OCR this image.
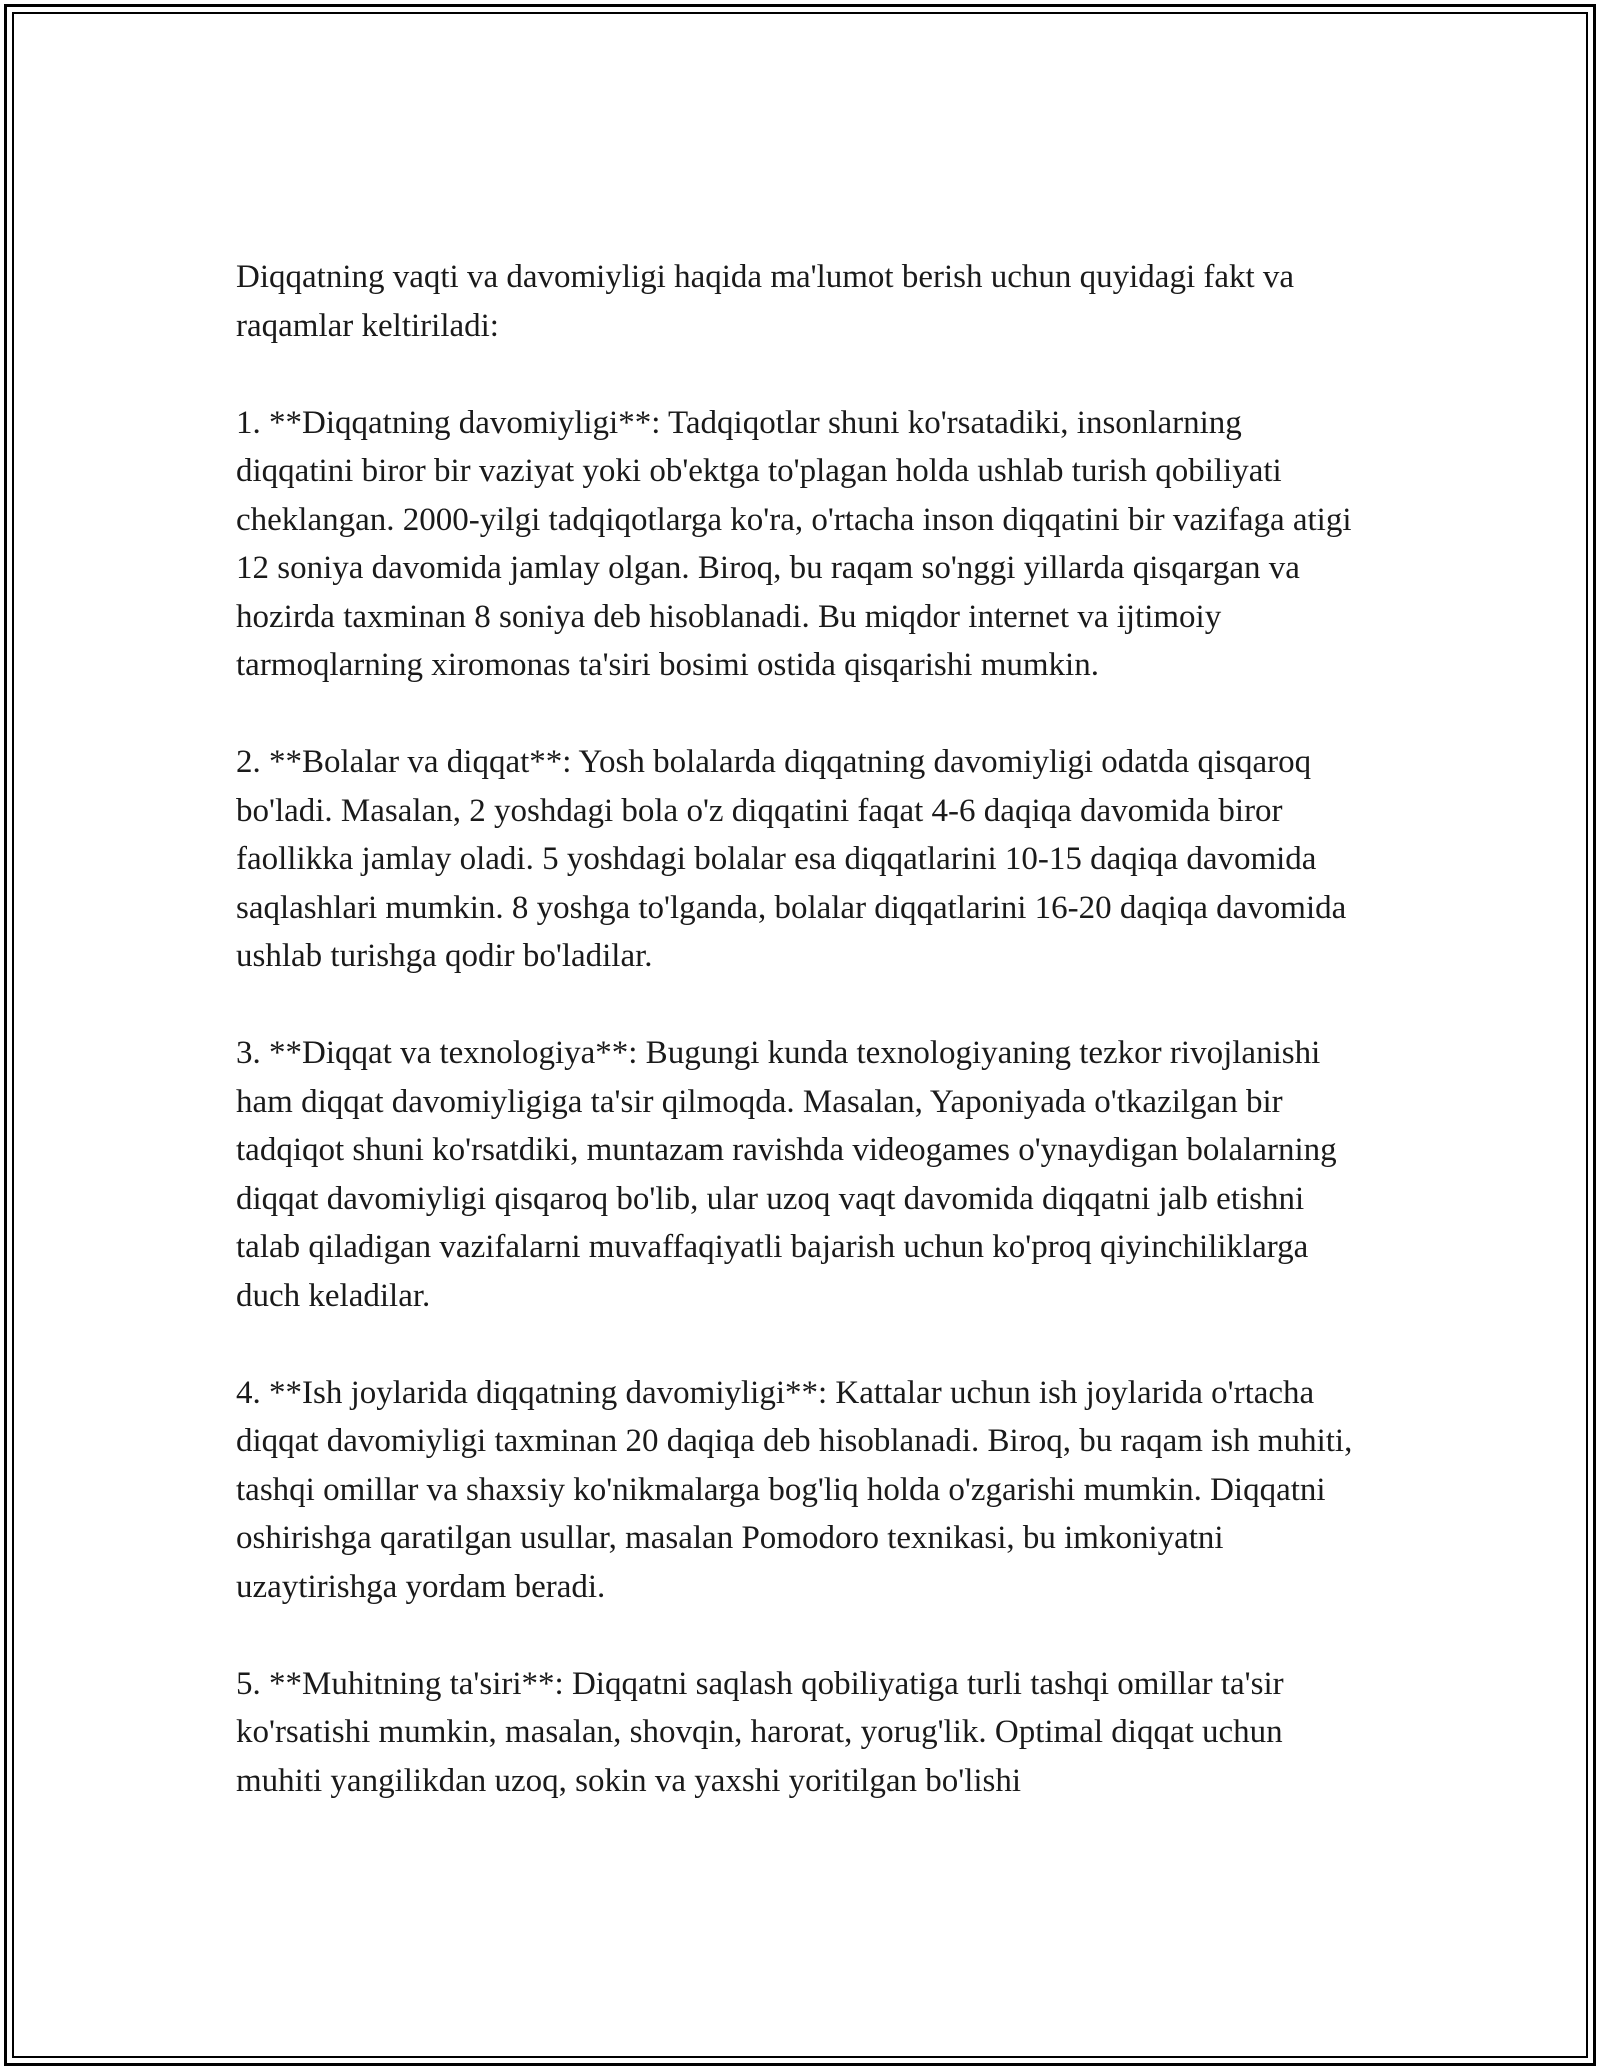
Diqqatning vaqti va davomiyligi haqida ma'lumot berish uchun quyidagi fakt va raqamlar keltiriladi:

1. **Diqqatning davomiyligi**: Tadqiqotlar shuni ko'rsatadiki, insonlarning diqqatini biror bir vaziyat yoki ob'ektga to'plagan holda ushlab turish qobiliyati cheklangan. 2000-yilgi tadqiqotlarga ko'ra, o'rtacha inson diqqatini bir vazifaga atigi 12 soniya davomida jamlay olgan. Biroq, bu raqam so'nggi yillarda qisqargan va hozirda taxminan 8 soniya deb hisoblanadi. Bu miqdor internet va ijtimoiy tarmoqlarning xiromonas ta'siri bosimi ostida qisqarishi mumkin.

2. **Bolalar va diqqat**: Yosh bolalarda diqqatning davomiyligi odatda qisqaroq bo'ladi. Masalan, 2 yoshdagi bola o'z diqqatini faqat 4-6 daqiqa davomida biror faollikka jamlay oladi. 5 yoshdagi bolalar esa diqqatlarini 10-15 daqiqa davomida saqlashlari mumkin. 8 yoshga to'lganda, bolalar diqqatlarini 16-20 daqiqa davomida ushlab turishga qodir bo'ladilar.

3. **Diqqat va texnologiya**: Bugungi kunda texnologiyaning tezkor rivojlanishi ham diqqat davomiyligiga ta'sir qilmoqda. Masalan, Yaponiyada o'tkazilgan bir tadqiqot shuni ko'rsatdiki, muntazam ravishda videogames o'ynaydigan bolalarning diqqat davomiyligi qisqaroq bo'lib, ular uzoq vaqt davomida diqqatni jalb etishni talab qiladigan vazifalarni muvaffaqiyatli bajarish uchun ko'proq qiyinchiliklarga duch keladilar.

4. **Ish joylarida diqqatning davomiyligi**: Kattalar uchun ish joylarida o'rtacha diqqat davomiyligi taxminan 20 daqiqa deb hisoblanadi. Biroq, bu raqam ish muhiti, tashqi omillar va shaxsiy ko'nikmalarga bog'liq holda o'zgarishi mumkin. Diqqatni oshirishga qaratilgan usullar, masalan Pomodoro texnikasi, bu imkoniyatni uzaytirishga yordam beradi.

5. **Muhitning ta'siri**: Diqqatni saqlash qobiliyatiga turli tashqi omillar ta'sir ko'rsatishi mumkin, masalan, shovqin, harorat, yorug'lik. Optimal diqqat uchun muhiti yangilikdan uzoq, sokin va yaxshi yoritilgan bo'lishi
